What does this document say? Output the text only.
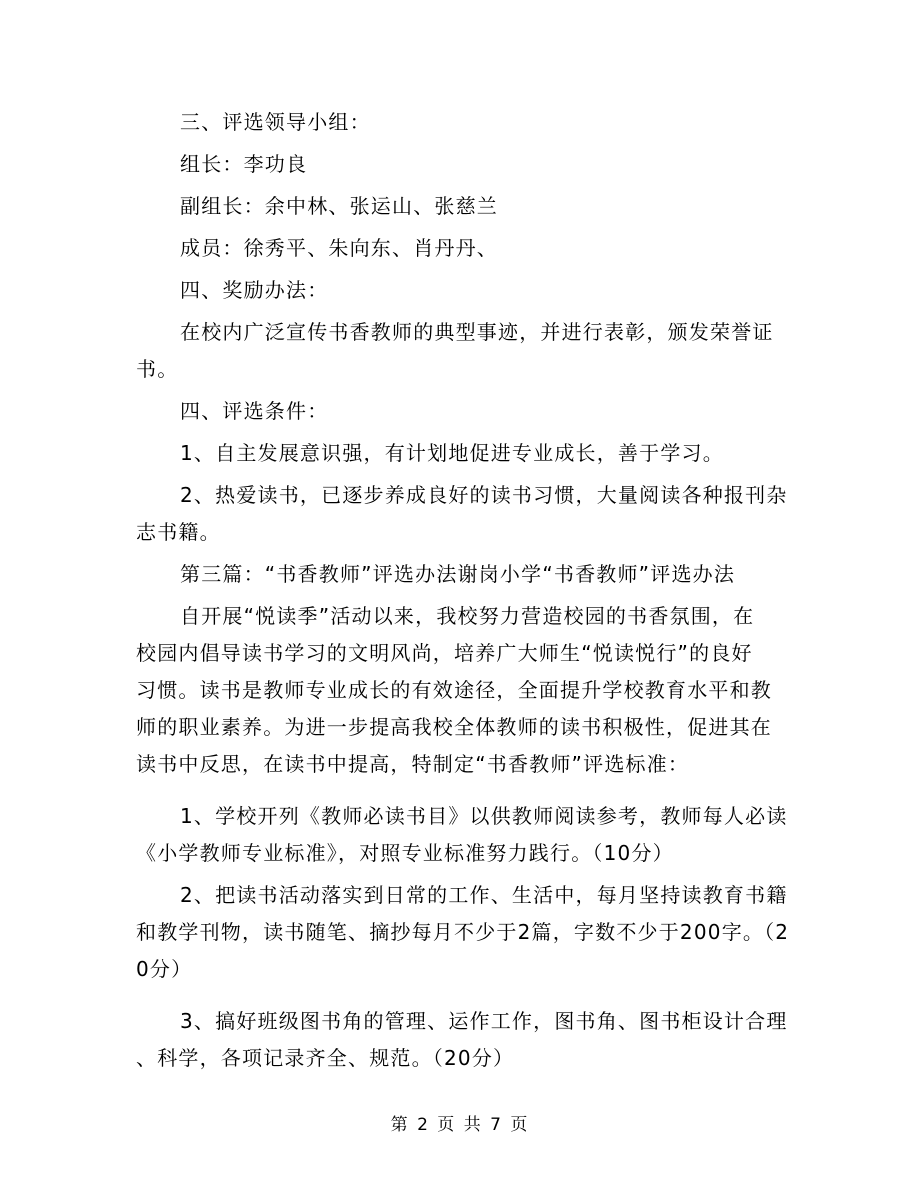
三、评选领导小组：
组长：李功良
副组长：余中林、张运山、张慈兰
成员：徐秀平、朱向东、肖丹丹、
四、奖励办法：
在校内广泛宣传书香教师的典型事迹，并进行表彰，颁发荣誉证
书。
四、评选条件：
1、自主发展意识强，有计划地促进专业成长，善于学习。
2、热爱读书，已逐步养成良好的读书习惯，大量阅读各种报刊杂
志书籍。
第三篇：“书香教师”评选办法谢岗小学“书香教师”评选办法
自开展“悦读季”活动以来，我校努力营造校园的书香氛围，在
校园内倡导读书学习的文明风尚，培养广大师生“悦读悦行”的良好
习惯。读书是教师专业成长的有效途径，全面提升学校教育水平和教
师的职业素养。为进一步提高我校全体教师的读书积极性，促进其在
读书中反思，在读书中提高，特制定“书香教师”评选标准：
1、学校开列《教师必读书目》以供教师阅读参考，教师每人必读
《小学教师专业标准》，对照专业标准努力践行。（10分）
2、把读书活动落实到日常的工作、生活中，每月坚持读教育书籍
和教学刊物，读书随笔、摘抄每月不少于2篇，字数不少于200字。（2
0分）
3、搞好班级图书角的管理、运作工作，图书角、图书柜设计合理
、科学，各项记录齐全、规范。（20分）
第 2 页 共 7 页
